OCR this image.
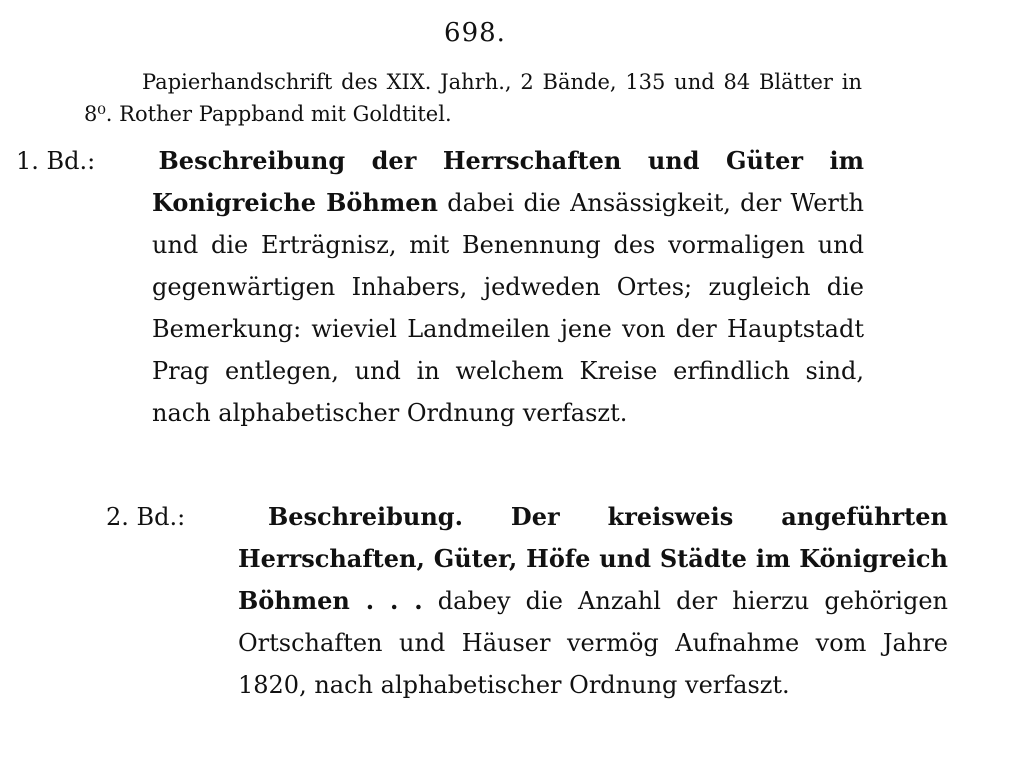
698.
Papierhandschrift des XIX. Jahrh., 2 Bände, 135 und 84 Blätter in 8⁰. Rother Pappband mit Goldtitel.
1. Bd.:	Beschreibung der Herrschaften und Güter im Konigreiche Böhmen dabei die Ansässigkeit, der Werth und die Erträgnisz, mit Benennung des vormaligen und gegenwärtigen Inhabers, jedweden Ortes; zugleich die Bemerkung: wieviel Landmeilen jene von der Hauptstadt Prag entlegen, und in welchem Kreise erfindlich sind, nach alphabetischer Ordnung verfaszt.
2. Bd.:	Beschreibung. Der kreisweis angeführten Herrschaften, Güter, Höfe und Städte im Königreich Böhmen . . . dabey die Anzahl der hierzu gehörigen Ortschaften und Häuser vermög Aufnahme vom Jahre 1820, nach alphabetischer Ordnung verfaszt.
